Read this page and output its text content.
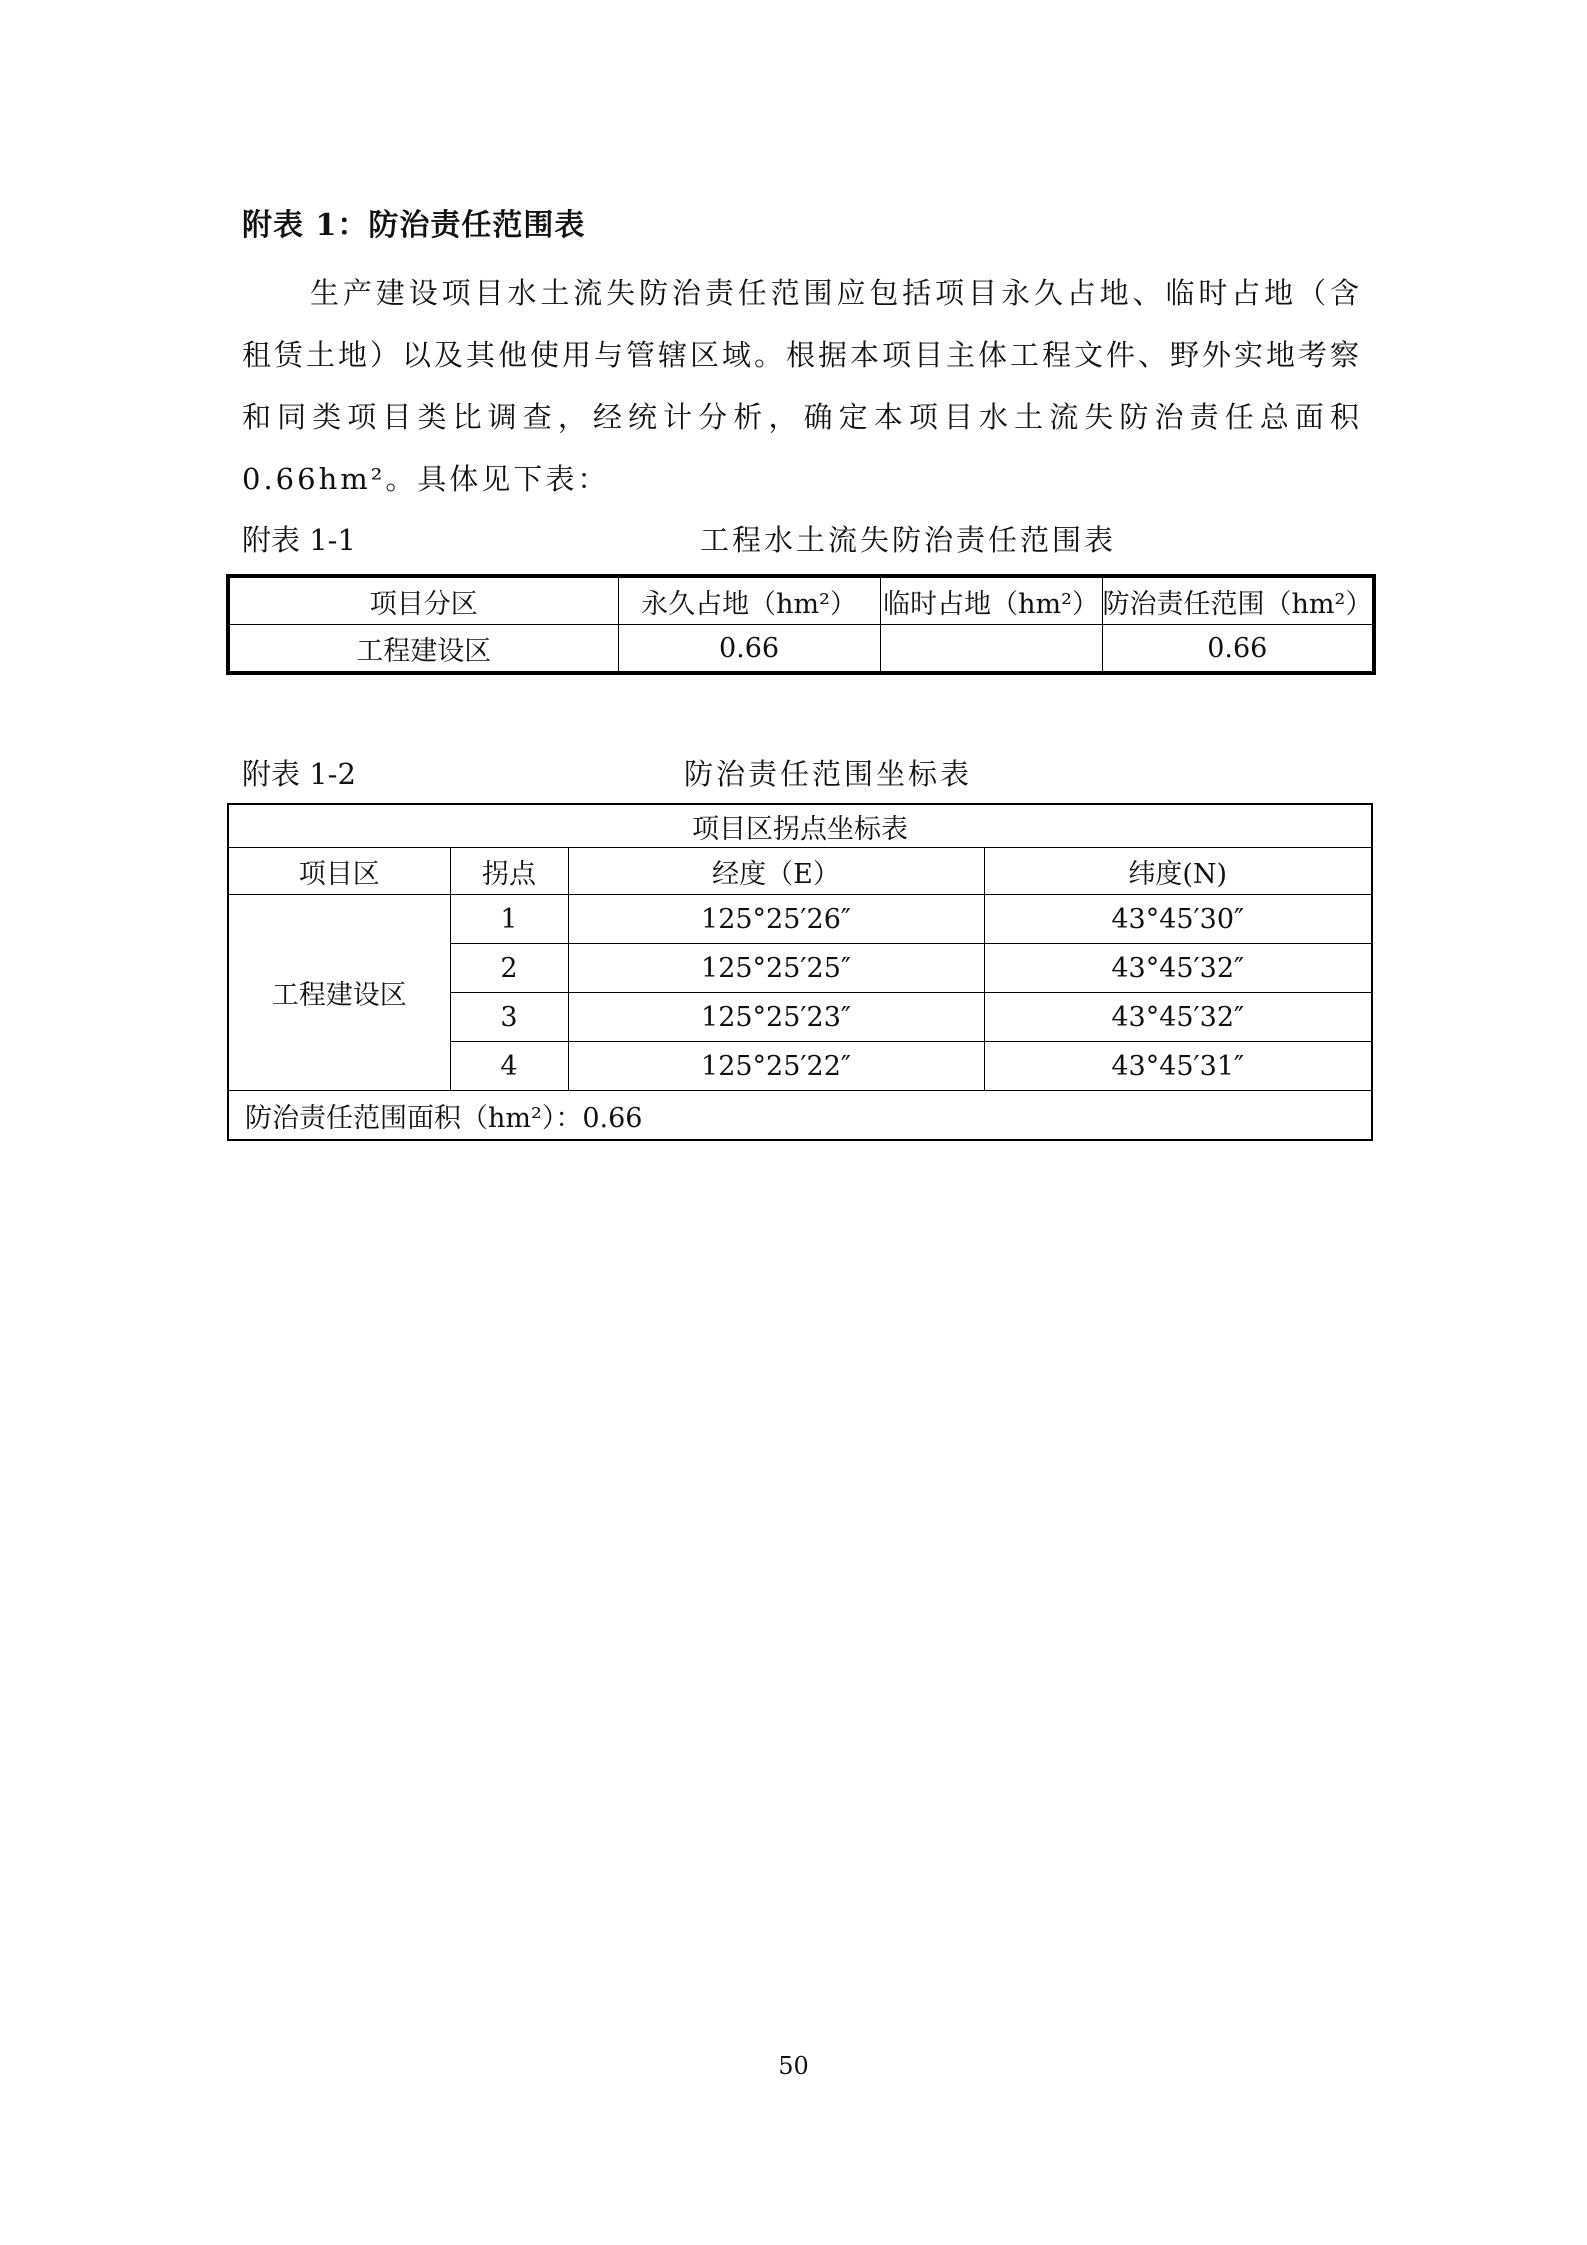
附表 1：防治责任范围表
生产建设项目水土流失防治责任范围应包括项目永久占地、临时占地（含租赁土地）以及其他使用与管辖区域。根据本项目主体工程文件、野外实地考察和同类项目类比调查，经统计分析，确定本项目水土流失防治责任总面积 0.66hm²。具体见下表：
附表 1-1	工程水土流失防治责任范围表
项目分区	永久占地（hm²）	临时占地（hm²）	防治责任范围（hm²）
工程建设区	0.66		0.66
附表 1-2	防治责任范围坐标表
项目区拐点坐标表			
项目区	拐点	经度（E）	纬度(N)
工程建设区	1	125°25′26″	43°45′30″
	2	125°25′25″	43°45′32″
	3	125°25′23″	43°45′32″
	4	125°25′22″	43°45′31″
防治责任范围面积（hm²）：0.66			
50
